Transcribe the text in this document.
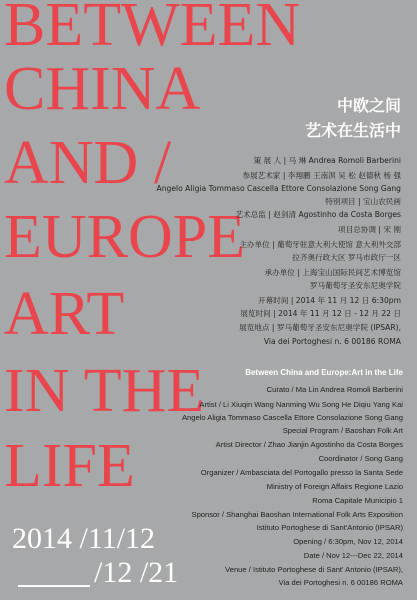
BETWEEN
CHINA
AND /
EUROPE
ART
IN THE
LIFE
中欧之间
艺术在生活中
策 展 人 | 马 琳 Andrea Romoli Barberini
参展艺术家 | 李翔鹏 王南溟 吴 松 赵德秋 杨 强
Angelo Aligia Tommaso Cascella Ettore Consolazione Song Gang
特别项目 | 宝山农民画
艺术总监 | 赵剑清 Agostinho da Costa Borges
项目总协调 | 宋 刚
主办单位 | 葡萄牙驻意大利大使馆 意大利外交部
拉齐奥行政大区 罗马市政厅一区
承办单位 | 上海宝山国际民间艺术博览馆
罗马葡萄牙圣安东尼奥学院
开幕时间 | 2014 年 11 月 12 日 6:30pm
展览时间 | 2014 年 11 月 12 日 - 12 月 22 日
展览地点 | 罗马葡萄牙圣安东尼奥学院 (IPSAR),
Via dei Portoghesi n. 6 00186 ROMA
Between China and Europe:Art in the Life
Curato / Ma Lin Andrea Romoli Barberini
Artist / Li Xiuqin Wang Nanming Wu Song He Diqiu Yang Kai
Angelo Aligia Tommaso Cascella Ettore Consolazione Song Gang
Special Program / Baoshan Folk Art
Artist Director / Zhao Jianjin Agostinho da Costa Borges
Coordinator / Song Gang
Organizer / Ambasciata del Portogallo presso la Santa Sede
Ministry of Foreign Affairs Regione Lazio
Roma Capitale Municipio 1
Sponsor / Shanghai Baoshan International Folk Arts Exposition
Istituto Portoghese di Sant'Antonio (IPSAR)
Opening / 6:30pm, Nov 12, 2014
Date / Nov 12---Dec 22, 2014
Venue / Istituto Portoghese di Sant' Antonio (IPSAR),
Via dei Portoghesi n. 6 00186 ROMA
2014 /11/12
/12 /21
